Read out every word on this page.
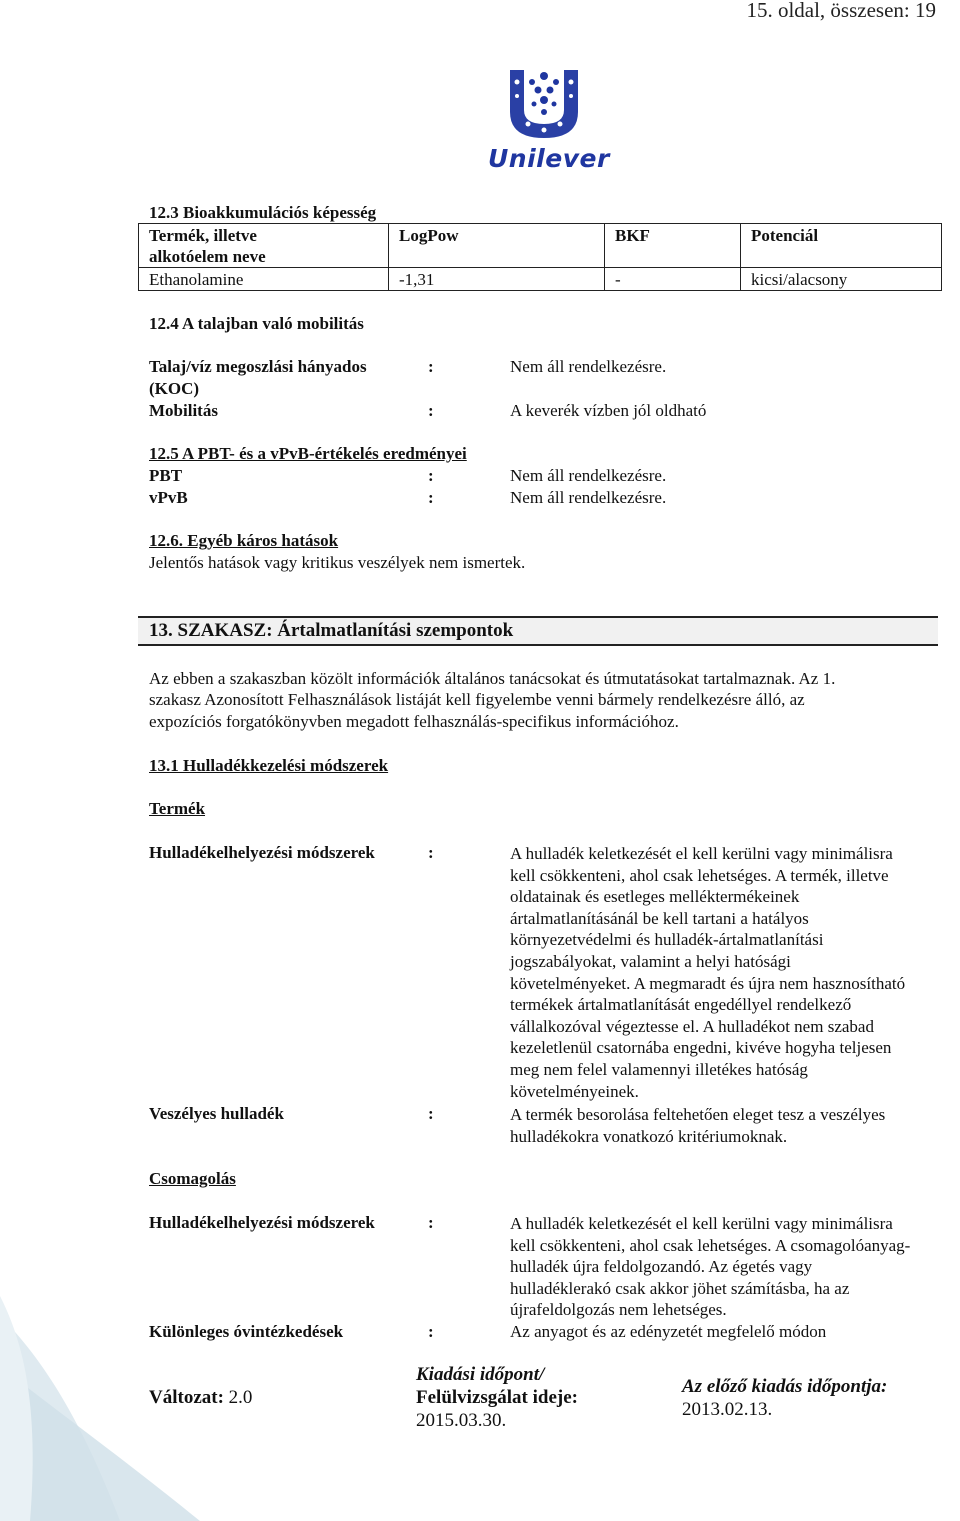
15. oldal, összesen: 19
Unilever
12.3 Bioakkumulációs képesség
Termék, illetve
alkotóelem neve	LogPow	BKF	Potenciál
Ethanolamine	-1,31	-	kicsi/alacsony
12.4 A talajban való mobilitás
Talaj/víz megoszlási hányados
(KOC)
:	Nem áll rendelkezésre.
Mobilitás	:	A keverék vízben jól oldható
12.5 A PBT- és a vPvB-értékelés eredményei
PBT	:	Nem áll rendelkezésre.
vPvB	:	Nem áll rendelkezésre.
12.6. Egyéb káros hatások
Jelentős hatások vagy kritikus veszélyek nem ismertek.
13. SZAKASZ: Ártalmatlanítási szempontok
Az ebben a szakaszban közölt információk általános tanácsokat és útmutatásokat tartalmaznak. Az 1.
szakasz Azonosított Felhasználások listáját kell figyelembe venni bármely rendelkezésre álló, az
expozíciós forgatókönyvben megadott felhasználás-specifikus információhoz.
13.1 Hulladékkezelési módszerek
Termék
Hulladékelhelyezési módszerek	:	A hulladék keletkezését el kell kerülni vagy minimálisra
kell csökkenteni, ahol csak lehetséges. A termék, illetve
oldatainak és esetleges melléktermékeinek
ártalmatlanításánál be kell tartani a hatályos
környezetvédelmi és hulladék-ártalmatlanítási
jogszabályokat, valamint a helyi hatósági
követelményeket. A megmaradt és újra nem hasznosítható
termékek ártalmatlanítását engedéllyel rendelkező
vállalkozóval végeztesse el. A hulladékot nem szabad
kezeletlenül csatornába engedni, kivéve hogyha teljesen
meg nem felel valamennyi illetékes hatóság
követelményeinek.
Veszélyes hulladék	:	A termék besorolása feltehetően eleget tesz a veszélyes
hulladékokra vonatkozó kritériumoknak.
Csomagolás
Hulladékelhelyezési módszerek	:	A hulladék keletkezését el kell kerülni vagy minimálisra
kell csökkenteni, ahol csak lehetséges. A csomagolóanyag-
hulladék újra feldolgozandó. Az égetés vagy
hulladéklerakó csak akkor jöhet számításba, ha az
újrafeldolgozás nem lehetséges.
Különleges óvintézkedések	:	Az anyagot és az edényzetét megfelelő módon
Változat: 2.0
Kiadási időpont/
Felülvizsgálat ideje:
2015.03.30.
Az előző kiadás időpontja:
2013.02.13.
